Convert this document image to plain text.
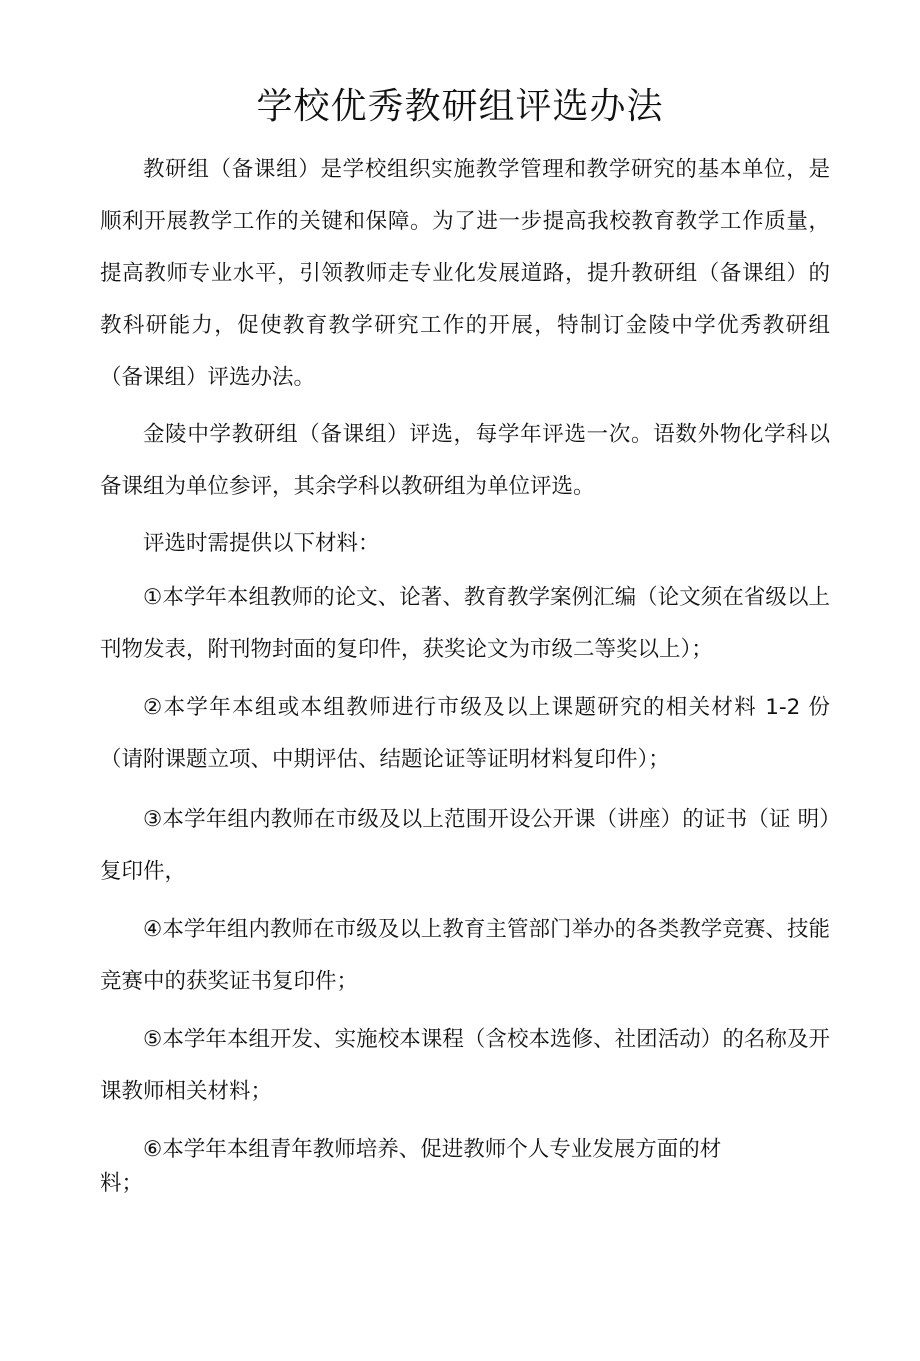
学校优秀教研组评选办法

教研组（备课组）是学校组织实施教学管理和教学研究的基本单位，是顺利开展教学工作的关键和保障。为了进一步提高我校教育教学工作质量，提高教师专业水平，引领教师走专业化发展道路，提升教研组（备课组）的教科研能力，促使教育教学研究工作的开展，特制订金陵中学优秀教研组（备课组）评选办法。

金陵中学教研组（备课组）评选，每学年评选一次。语数外物化学科以备课组为单位参评，其余学科以教研组为单位评选。

评选时需提供以下材料：

①本学年本组教师的论文、论著、教育教学案例汇编（论文须在省级以上刊物发表，附刊物封面的复印件，获奖论文为市级二等奖以上）；

②本学年本组或本组教师进行市级及以上课题研究的相关材料 1-2 份（请附课题立项、中期评估、结题论证等证明材料复印件）；

③本学年组内教师在市级及以上范围开设公开课（讲座）的证书（证 明）复印件，

④本学年组内教师在市级及以上教育主管部门举办的各类教学竞赛、技能竞赛中的获奖证书复印件；

⑤本学年本组开发、实施校本课程（含校本选修、社团活动）的名称及开课教师相关材料；

⑥本学年本组青年教师培养、促进教师个人专业发展方面的材

料；
